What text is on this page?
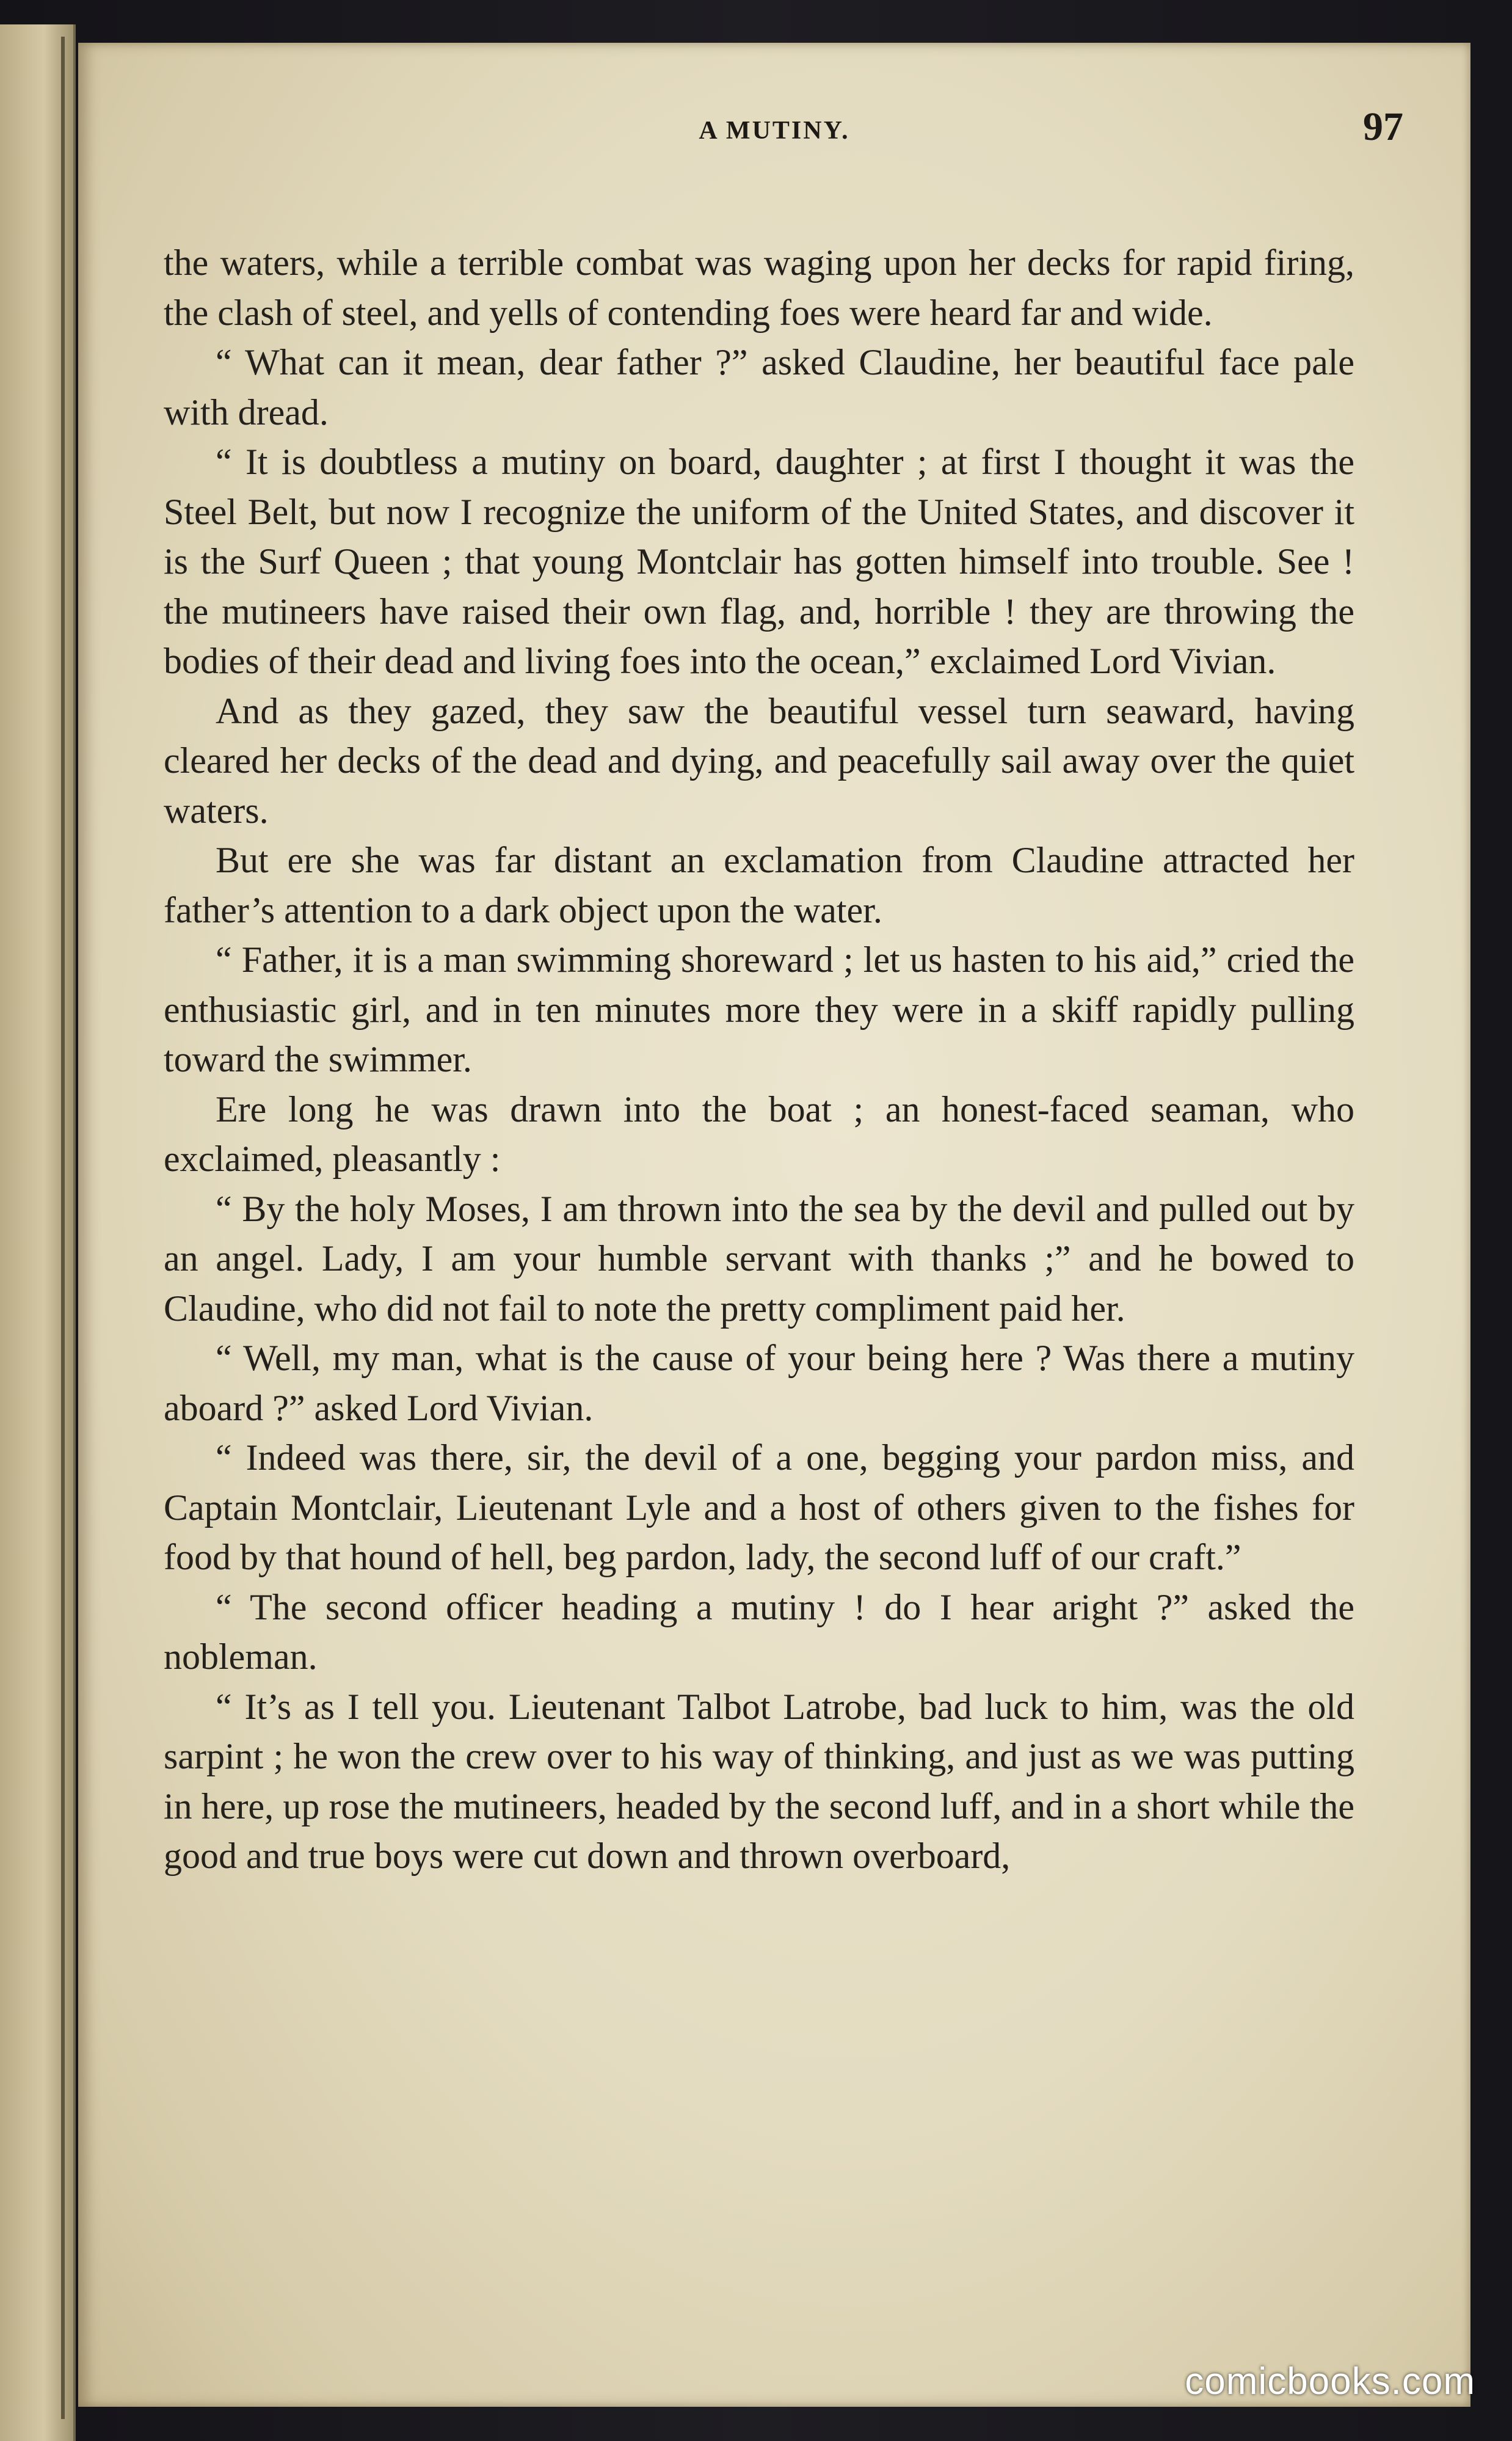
A MUTINY.	97

the waters, while a terrible combat was waging upon her decks for rapid firing, the clash of steel, and yells of contending foes were heard far and wide.

“ What can it mean, dear father ?” asked Claudine, her beautiful face pale with dread.

“ It is doubtless a mutiny on board, daughter ; at first I thought it was the Steel Belt, but now I recognize the uniform of the United States, and discover it is the Surf Queen ; that young Montclair has gotten himself into trouble. See ! the mutineers have raised their own flag, and, horrible ! they are throwing the bodies of their dead and living foes into the ocean,” exclaimed Lord Vivian.

And as they gazed, they saw the beautiful vessel turn seaward, having cleared her decks of the dead and dying, and peacefully sail away over the quiet waters.

But ere she was far distant an exclamation from Claudine attracted her father’s attention to a dark object upon the water.

“ Father, it is a man swimming shoreward ; let us hasten to his aid,” cried the enthusiastic girl, and in ten minutes more they were in a skiff rapidly pulling toward the swimmer.

Ere long he was drawn into the boat ; an honest-faced seaman, who exclaimed, pleasantly :

“ By the holy Moses, I am thrown into the sea by the devil and pulled out by an angel. Lady, I am your humble servant with thanks ;” and he bowed to Claudine, who did not fail to note the pretty compliment paid her.

“ Well, my man, what is the cause of your being here ? Was there a mutiny aboard ?” asked Lord Vivian.

“ Indeed was there, sir, the devil of a one, begging your pardon miss, and Captain Montclair, Lieutenant Lyle and a host of others given to the fishes for food by that hound of hell, beg pardon, lady, the second luff of our craft.”

“ The second officer heading a mutiny ! do I hear aright ?” asked the nobleman.

“ It’s as I tell you. Lieutenant Talbot Latrobe, bad luck to him, was the old sarpint ; he won the crew over to his way of thinking, and just as we was putting in here, up rose the mutineers, headed by the second luff, and in a short while the good and true boys were cut down and thrown overboard,

comicbooks.com
